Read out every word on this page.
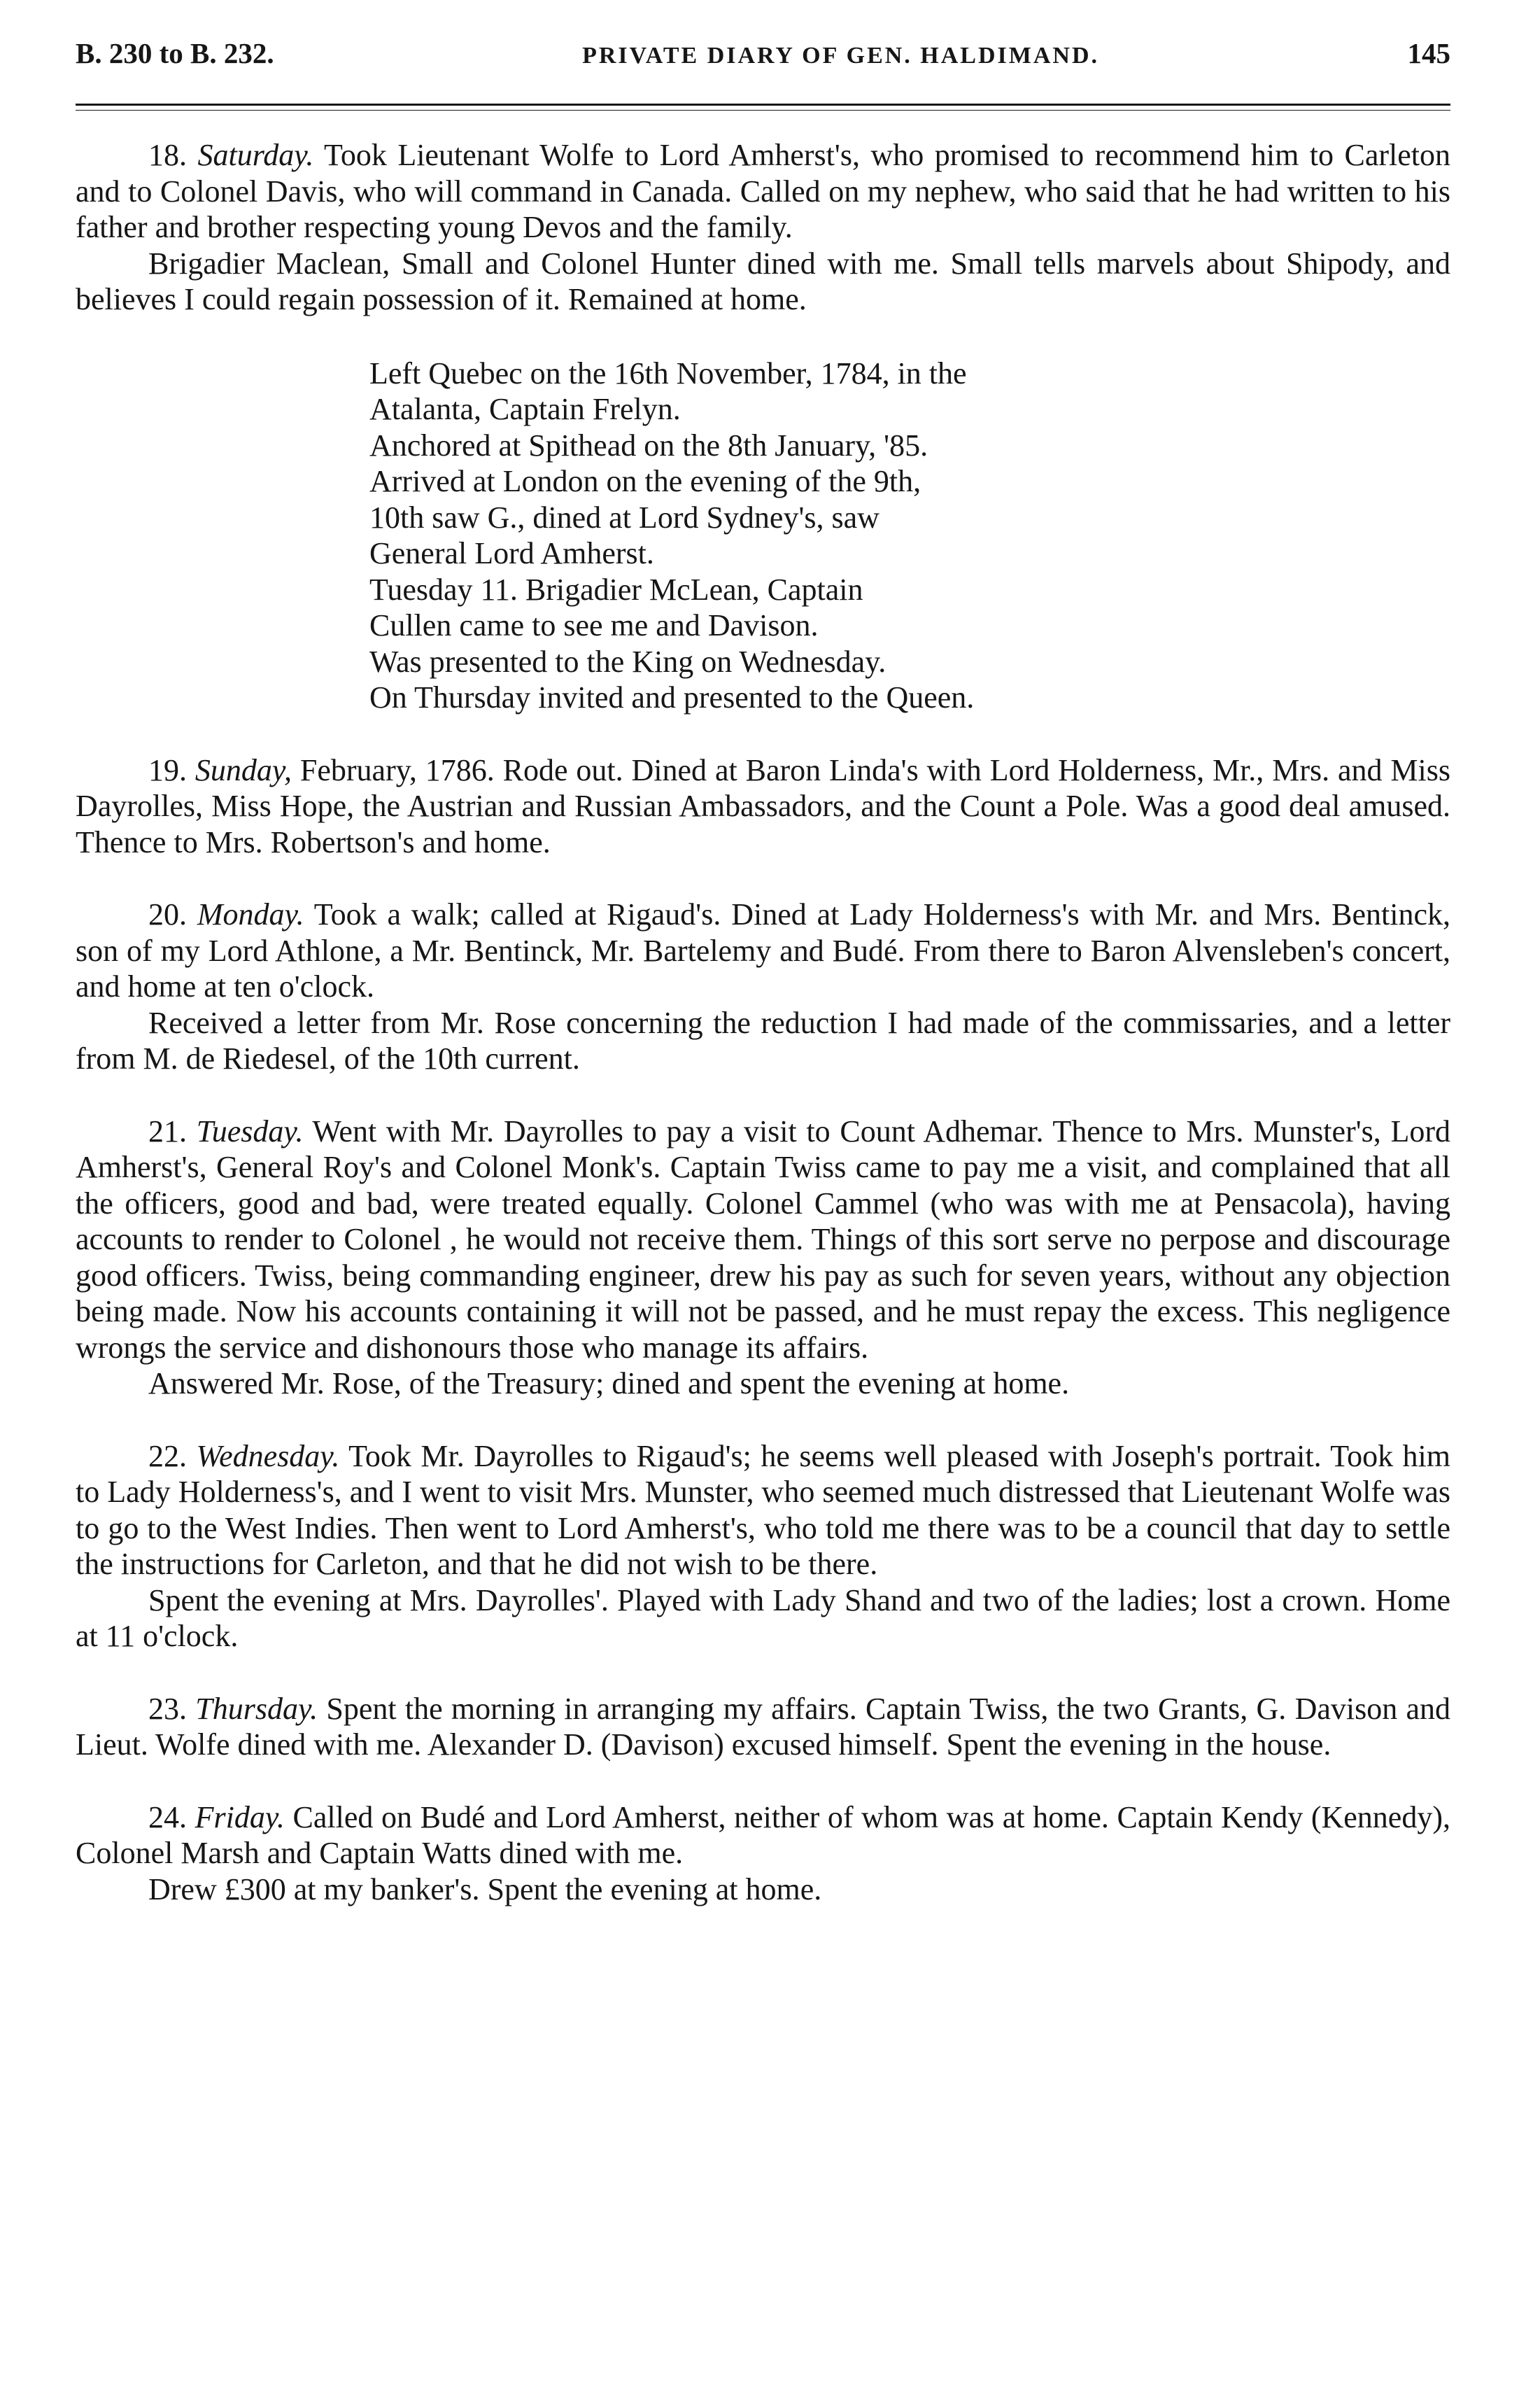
B. 230 to B. 232.	PRIVATE DIARY OF GEN. HALDIMAND.	145

18. Saturday. Took Lieutenant Wolfe to Lord Amherst's, who promised to recommend him to Carleton and to Colonel Davis, who will command in Canada. Called on my nephew, who said that he had written to his father and brother respecting young Devos and the family.

Brigadier Maclean, Small and Colonel Hunter dined with me. Small tells marvels about Shipody, and believes I could regain possession of it. Remained at home.

Left Quebec on the 16th November, 1784, in the
Atalanta, Captain Frelyn.
Anchored at Spithead on the 8th January, '85.
Arrived at London on the evening of the 9th,
10th saw G., dined at Lord Sydney's, saw
General Lord Amherst.
Tuesday 11. Brigadier McLean, Captain
Cullen came to see me and Davison.
Was presented to the King on Wednesday.
On Thursday invited and presented to the Queen.

19. Sunday, February, 1786. Rode out. Dined at Baron Linda's with Lord Holderness, Mr., Mrs. and Miss Dayrolles, Miss Hope, the Austrian and Russian Ambassadors, and the Count a Pole. Was a good deal amused. Thence to Mrs. Robertson's and home.

20. Monday. Took a walk; called at Rigaud's. Dined at Lady Holderness's with Mr. and Mrs. Bentinck, son of my Lord Athlone, a Mr. Bentinck, Mr. Bartelemy and Budé. From there to Baron Alvensleben's concert, and home at ten o'clock.

Received a letter from Mr. Rose concerning the reduction I had made of the commissaries, and a letter from M. de Riedesel, of the 10th current.

21. Tuesday. Went with Mr. Dayrolles to pay a visit to Count Adhemar. Thence to Mrs. Munster's, Lord Amherst's, General Roy's and Colonel Monk's. Captain Twiss came to pay me a visit, and complained that all the officers, good and bad, were treated equally. Colonel Cammel (who was with me at Pensacola), having accounts to render to Colonel , he would not receive them. Things of this sort serve no perpose and discourage good officers. Twiss, being commanding engineer, drew his pay as such for seven years, without any objection being made. Now his accounts containing it will not be passed, and he must repay the excess. This negligence wrongs the service and dishonours those who manage its affairs.

Answered Mr. Rose, of the Treasury; dined and spent the evening at home.

22. Wednesday. Took Mr. Dayrolles to Rigaud's; he seems well pleased with Joseph's portrait. Took him to Lady Holderness's, and I went to visit Mrs. Munster, who seemed much distressed that Lieutenant Wolfe was to go to the West Indies. Then went to Lord Amherst's, who told me there was to be a council that day to settle the instructions for Carleton, and that he did not wish to be there.

Spent the evening at Mrs. Dayrolles'. Played with Lady Shand and two of the ladies; lost a crown. Home at 11 o'clock.

23. Thursday. Spent the morning in arranging my affairs. Captain Twiss, the two Grants, G. Davison and Lieut. Wolfe dined with me. Alexander D. (Davison) excused himself. Spent the evening in the house.

24. Friday. Called on Budé and Lord Amherst, neither of whom was at home. Captain Kendy (Kennedy), Colonel Marsh and Captain Watts dined with me.

Drew £300 at my banker's. Spent the evening at home.
